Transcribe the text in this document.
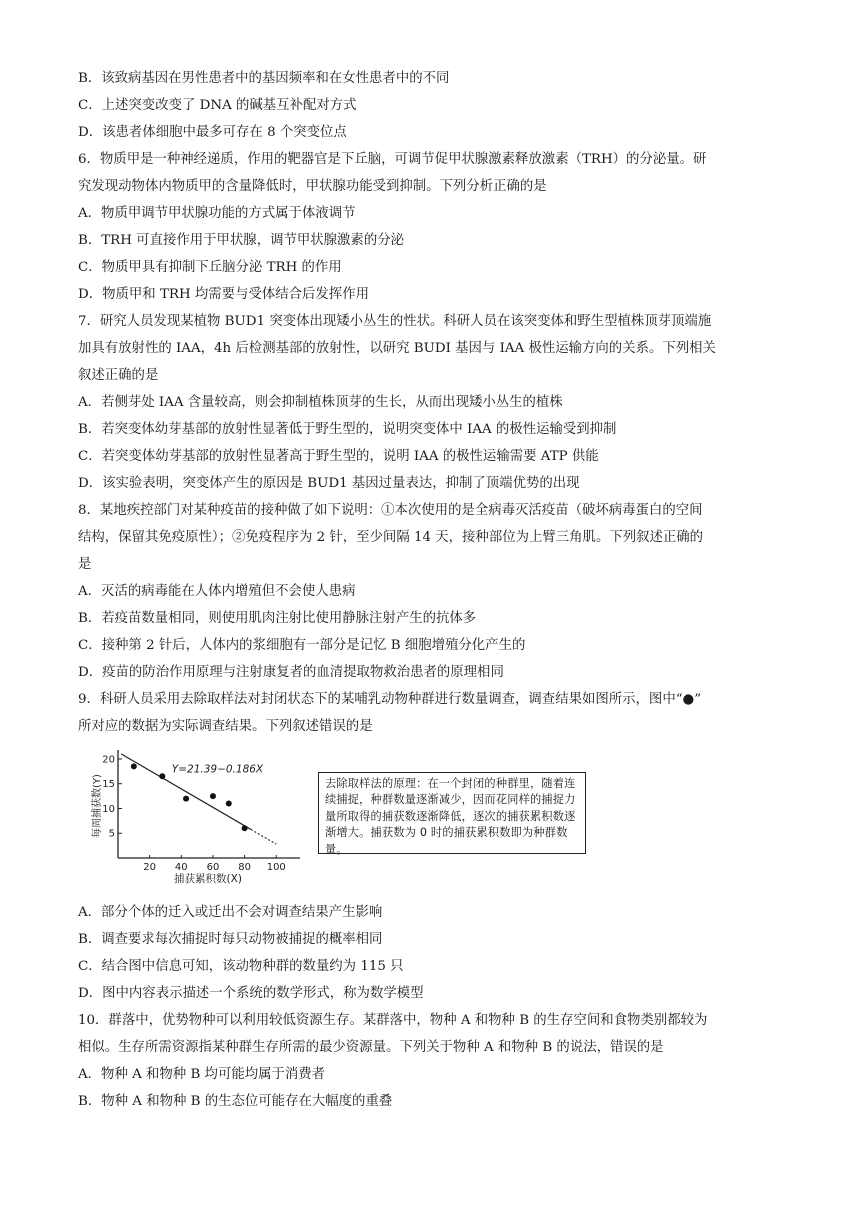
B．该致病基因在男性患者中的基因频率和在女性患者中的不同
C．上述突变改变了 DNA 的碱基互补配对方式
D．该患者体细胞中最多可存在 8 个突变位点
6．物质甲是一种神经递质，作用的靶器官是下丘脑，可调节促甲状腺激素释放激素（TRH）的分泌量。研
究发现动物体内物质甲的含量降低时，甲状腺功能受到抑制。下列分析正确的是
A．物质甲调节甲状腺功能的方式属于体液调节
B．TRH 可直接作用于甲状腺，调节甲状腺激素的分泌
C．物质甲具有抑制下丘脑分泌 TRH 的作用
D．物质甲和 TRH 均需要与受体结合后发挥作用
7．研究人员发现某植物 BUD1 突变体出现矮小丛生的性状。科研人员在该突变体和野生型植株顶芽顶端施
加具有放射性的 IAA，4h 后检测基部的放射性，以研究 BUDI 基因与 IAA 极性运输方向的关系。下列相关
叙述正确的是
A．若侧芽处 IAA 含量较高，则会抑制植株顶芽的生长，从而出现矮小丛生的植株
B．若突变体幼芽基部的放射性显著低于野生型的，说明突变体中 IAA 的极性运输受到抑制
C．若突变体幼芽基部的放射性显著高于野生型的，说明 IAA 的极性运输需要 ATP 供能
D．该实验表明，突变体产生的原因是 BUD1 基因过量表达，抑制了顶端优势的出现
8．某地疾控部门对某种疫苗的接种做了如下说明：①本次使用的是全病毒灭活疫苗（破坏病毒蛋白的空间
结构，保留其免疫原性）；②免疫程序为 2 针，至少间隔 14 天，接种部位为上臂三角肌。下列叙述正确的
是
A．灭活的病毒能在人体内增殖但不会使人患病
B．若疫苗数量相同，则使用肌肉注射比使用静脉注射产生的抗体多
C．接种第 2 针后，人体内的浆细胞有一部分是记忆 B 细胞增殖分化产生的
D．疫苗的防治作用原理与注射康复者的血清提取物救治患者的原理相同
9．科研人员采用去除取样法对封闭状态下的某哺乳动物种群进行数量调查，调查结果如图所示，图中“●”
所对应的数据为实际调查结果。下列叙述错误的是
5
10
15
20
20 40 60 80 100
Y=21.39−0.186X
捕获累积数(X)
每周捕获数(Y)	去除取样法的原理：在一个封闭的种群里，随着连续捕捉，种群数量逐渐减少，因而花同样的捕捉力量所取得的捕获数逐渐降低，逐次的捕获累积数逐渐增大。捕获数为 0 时的捕获累积数即为种群数量。
A．部分个体的迁入或迁出不会对调查结果产生影响
B．调查要求每次捕捉时每只动物被捕捉的概率相同
C．结合图中信息可知，该动物种群的数量约为 115 只
D．图中内容表示描述一个系统的数学形式，称为数学模型
10．群落中，优势物种可以利用较低资源生存。某群落中，物种 A 和物种 B 的生存空间和食物类别都较为
相似。生存所需资源指某种群生存所需的最少资源量。下列关于物种 A 和物种 B 的说法，错误的是
A．物种 A 和物种 B 均可能均属于消费者
B．物种 A 和物种 B 的生态位可能存在大幅度的重叠
